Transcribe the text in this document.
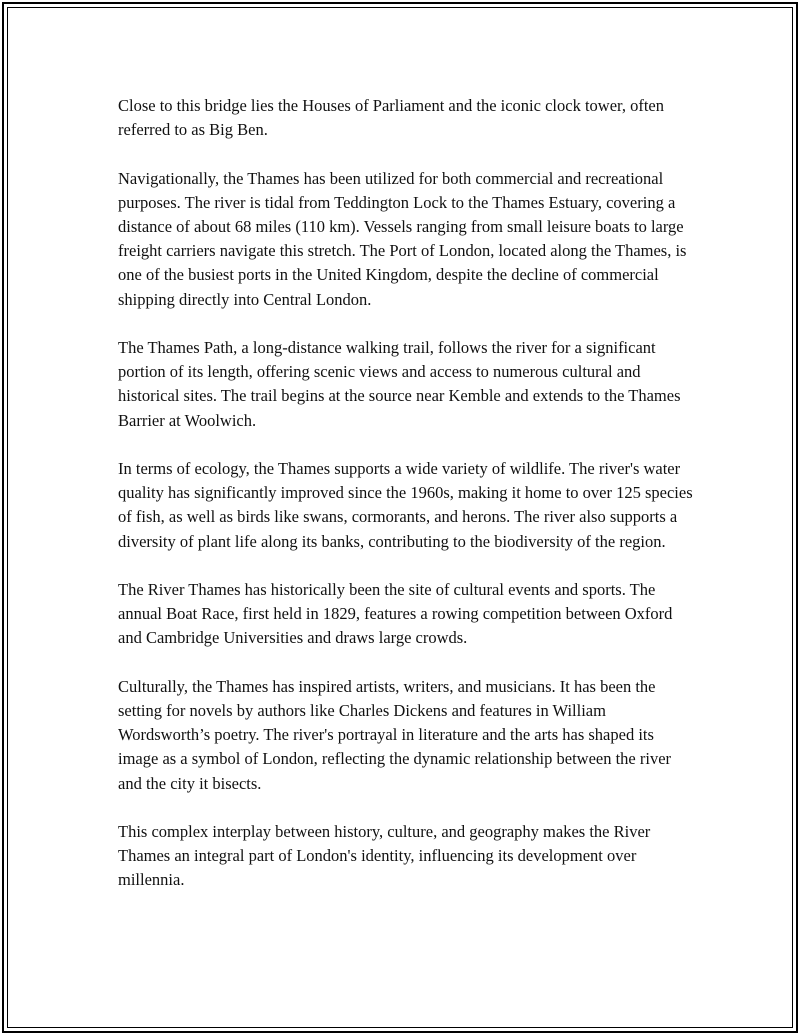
Close to this bridge lies the Houses of Parliament and the iconic clock tower, often referred to as Big Ben.

Navigationally, the Thames has been utilized for both commercial and recreational purposes. The river is tidal from Teddington Lock to the Thames Estuary, covering a distance of about 68 miles (110 km). Vessels ranging from small leisure boats to large freight carriers navigate this stretch. The Port of London, located along the Thames, is one of the busiest ports in the United Kingdom, despite the decline of commercial shipping directly into Central London.

The Thames Path, a long-distance walking trail, follows the river for a significant portion of its length, offering scenic views and access to numerous cultural and historical sites. The trail begins at the source near Kemble and extends to the Thames Barrier at Woolwich.

In terms of ecology, the Thames supports a wide variety of wildlife. The river's water quality has significantly improved since the 1960s, making it home to over 125 species of fish, as well as birds like swans, cormorants, and herons. The river also supports a diversity of plant life along its banks, contributing to the biodiversity of the region.

The River Thames has historically been the site of cultural events and sports. The annual Boat Race, first held in 1829, features a rowing competition between Oxford and Cambridge Universities and draws large crowds.

Culturally, the Thames has inspired artists, writers, and musicians. It has been the setting for novels by authors like Charles Dickens and features in William Wordsworth’s poetry. The river's portrayal in literature and the arts has shaped its image as a symbol of London, reflecting the dynamic relationship between the river and the city it bisects.

This complex interplay between history, culture, and geography makes the River Thames an integral part of London's identity, influencing its development over millennia.
